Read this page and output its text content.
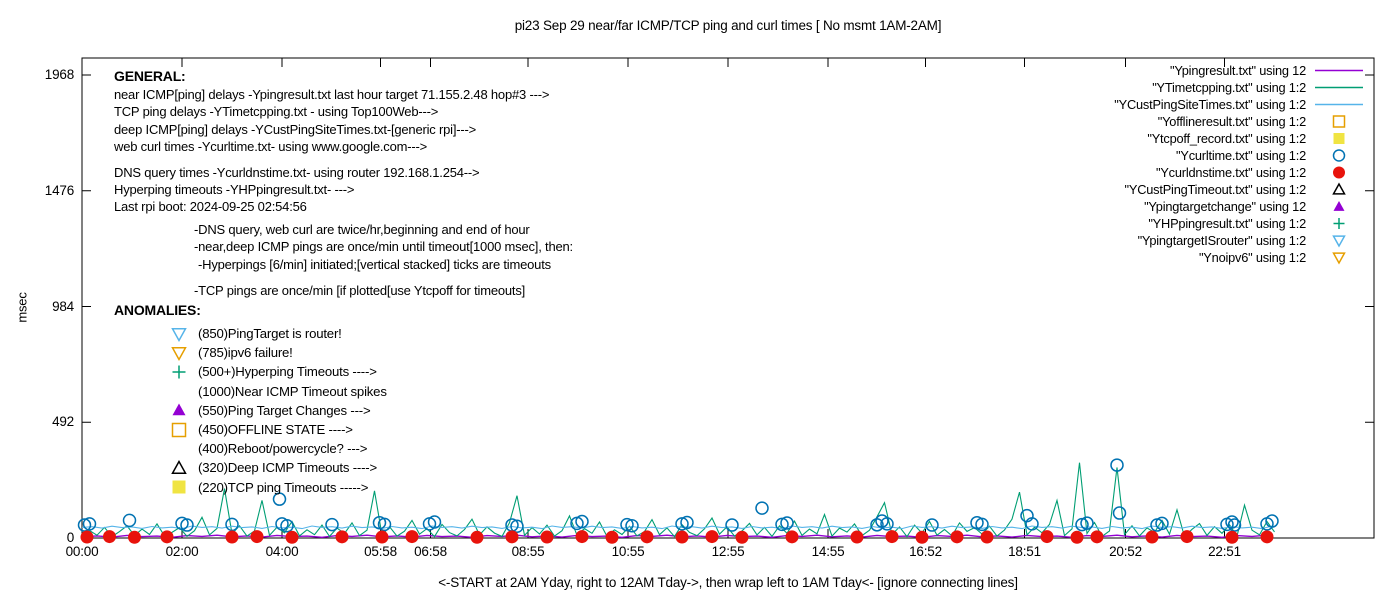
pi23 Sep 29 near/far ICMP/TCP ping and curl times [ No msmt 1AM-2AM]
msec
<-START at 2AM Yday, right to 12AM Tday->, then wrap left to 1AM Tday<- [ignore connecting lines]
0
492
984
1476
1968
00:00	02:00	04:00	05:58	06:58	08:55	10:55	12:55	14:55	16:52	18:51	20:52	22:51
GENERAL:
near ICMP[ping] delays -Ypingresult.txt last hour target 71.155.2.48 hop#3 --->
TCP ping delays -YTimetcpping.txt - using Top100Web--->
deep ICMP[ping] delays -YCustPingSiteTimes.txt-[generic rpi]--->
web curl times -Ycurltime.txt- using www.google.com--->
DNS query times -Ycurldnstime.txt- using router 192.168.1.254-->
Hyperping timeouts -YHPpingresult.txt- --->
Last rpi boot: 2024-09-25 02:54:56
-DNS query, web curl are twice/hr,beginning and end of hour
-near,deep ICMP pings are once/min until timeout[1000 msec], then:
-Hyperpings [6/min] initiated;[vertical stacked] ticks are timeouts
-TCP pings are once/min [if plotted[use Ytcpoff for timeouts]
ANOMALIES:
(850)PingTarget is router!
(785)ipv6 failure!
(500+)Hyperping Timeouts ---->
(1000)Near ICMP Timeout spikes
(550)Ping Target Changes --->
(450)OFFLINE STATE ---->
(400)Reboot/powercycle? --->
(320)Deep ICMP Timeouts ---->
(220)TCP ping Timeouts ----->
"Ypingresult.txt" using 12
"YTimetcpping.txt" using 1:2
"YCustPingSiteTimes.txt" using 1:2
"Yofflineresult.txt" using 1:2
"Ytcpoff_record.txt" using 1:2
"Ycurltime.txt" using 1:2
"Ycurldnstime.txt" using 1:2
"YCustPingTimeout.txt" using 1:2
"Ypingtargetchange" using 12
"YHPpingresult.txt" using 1:2
"YpingtargetISrouter" using 1:2
"Ynoipv6" using 1:2
